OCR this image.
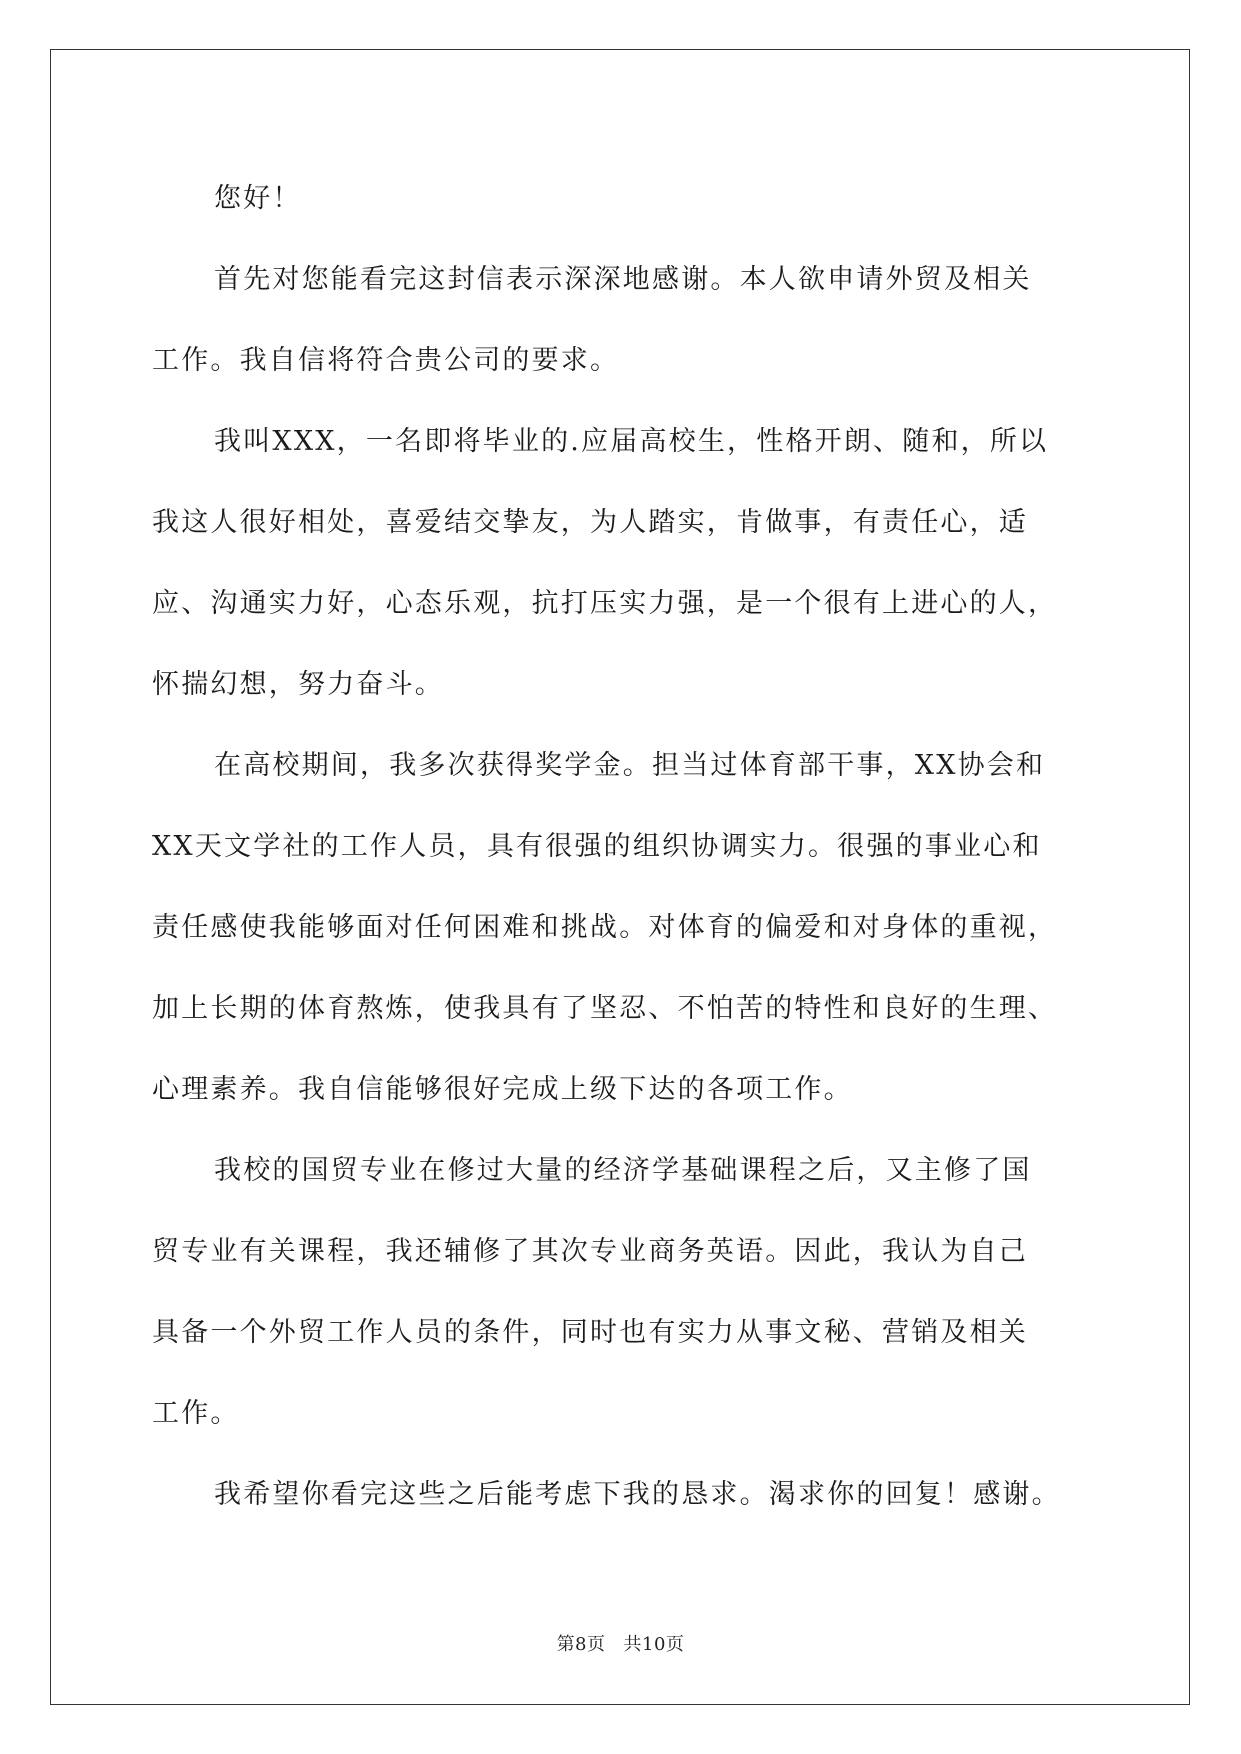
您好！
首先对您能看完这封信表示深深地感谢。本人欲申请外贸及相关
工作。我自信将符合贵公司的要求。
我叫XXX，一名即将毕业的.应届高校生，性格开朗、随和，所以
我这人很好相处，喜爱结交挚友，为人踏实，肯做事，有责任心，适
应、沟通实力好，心态乐观，抗打压实力强，是一个很有上进心的人，
怀揣幻想，努力奋斗。
在高校期间，我多次获得奖学金。担当过体育部干事，XX协会和
XX天文学社的工作人员，具有很强的组织协调实力。很强的事业心和
责任感使我能够面对任何困难和挑战。对体育的偏爱和对身体的重视，
加上长期的体育熬炼，使我具有了坚忍、不怕苦的特性和良好的生理、
心理素养。我自信能够很好完成上级下达的各项工作。
我校的国贸专业在修过大量的经济学基础课程之后，又主修了国
贸专业有关课程，我还辅修了其次专业商务英语。因此，我认为自己
具备一个外贸工作人员的条件，同时也有实力从事文秘、营销及相关
工作。
我希望你看完这些之后能考虑下我的恳求。渴求你的回复！感谢。
第8页 共10页
